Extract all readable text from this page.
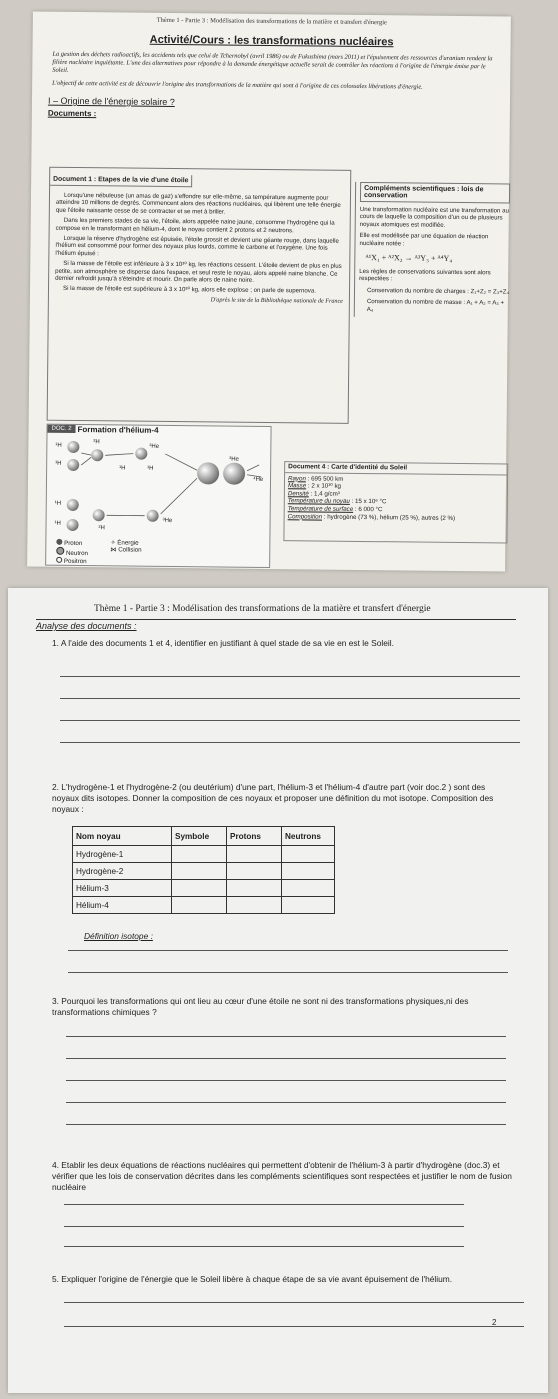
Thème 1 - Partie 3 : Modélisation des transformations de la matière et transfert d'énergie
Activité/Cours : les transformations nucléaires
La gestion des déchets radioactifs, les accidents tels que celui de Tchernobyl (avril 1986) ou de Fukushima (mars 2011) et l'épuisement des ressources d'uranium rendent la filière nucléaire inquiétante. L'une des alternatives pour répondre à la demande énergétique actuelle serait de contrôler les réactions à l'origine de l'énergie émise par le Soleil.
L'objectif de cette activité est de découvrir l'origine des transformations de la matière qui sont à l'origine de ces colossales libérations d'énergie.
I – Origine de l'énergie solaire ?
Documents :
Document 1 : Etapes de la vie d'une étoile

Lorsqu'une nébuleuse (un amas de gaz) s'effondre sur elle-même, sa température augmente pour atteindre 10 millions de degrés. Commencent alors des réactions nucléaires, qui libèrent une telle énergie que l'étoile naissante cesse de se contracter et se met à briller.

Dans les premiers stades de sa vie, l'étoile, alors appelée naine jaune, consomme l'hydrogène qui la compose en le transformant en hélium-4, dont le noyau contient 2 protons et 2 neutrons.

Lorsque la réserve d'hydrogène est épuisée, l'étoile grossit et devient une géante rouge, dans laquelle l'hélium est consommé pour former des noyaux plus lourds, comme le carbone et l'oxygène. Une fois l'hélium épuisé :

Si la masse de l'étoile est inférieure à 3 x 10³⁰ kg, les réactions cessent. L'étoile devient de plus en plus petite, son atmosphère se disperse dans l'espace, et seul reste le noyau, alors appelé naine blanche. Ce dernier refroidit jusqu'à s'éteindre et mourir. On parle alors de naine noire.

Si la masse de l'étoile est supérieure à 3 x 10³⁰ kg, alors elle explose ; on parle de supernova.

D'après le site de la Bibliothèque nationale de France
Compléments scientifiques : lois de conservation

Une transformation nucléaire est une transformation au cours de laquelle la composition d'un ou de plusieurs noyaux atomiques est modifiée.

Elle est modélisée par une équation de réaction nucléaire notée :

ᴬ¹X₁ + ᴬ²X₂ → ᴬ³Y₃ + ᴬ⁴Y₄

Les règles de conservations suivantes sont alors respectées :

Conservation du nombre de charges : Z₁+Z₂ = Z₃+Z₄

Conservation du nombre de masse : A₁ + A₂ = A₃ + A₄

DOC. 2 Formation d'hélium-4
¹H
¹H
²H
³He
¹H	¹H
³He
⁴He
¹H
¹H
²H
³He
Proton
Neutron
Positron
✧ Énergie
⋈ Collision
Document 4 : Carte d'identité du Soleil
Rayon : 695 500 km
Masse : 2 x 10³⁰ kg
Densité : 1,4 g/cm³
Température du noyau : 15 x 10⁶ °C
Température de surface : 6 000 °C
Composition : hydrogène (73 %), hélium (25 %), autres (2 %)
Thème 1 - Partie 3 : Modélisation des transformations de la matière et transfert d'énergie
Analyse des documents :
1. A l'aide des documents 1 et 4, identifier en justifiant à quel stade de sa vie en est le Soleil.
2. L'hydrogène-1 et l'hydrogène-2 (ou deutérium) d'une part, l'hélium-3 et l'hélium-4 d'autre part (voir doc.2 ) sont des noyaux dits isotopes. Donner la composition de ces noyaux et proposer une définition du mot isotope. Composition des noyaux :
Nom noyau	Symbole	Protons	Neutrons
Hydrogène-1			
Hydrogène-2			
Hélium-3			
Hélium-4			
Définition isotope :
3. Pourquoi les transformations qui ont lieu au cœur d'une étoile ne sont ni des transformations physiques,ni des transformations chimiques ?
4. Etablir les deux équations de réactions nucléaires qui permettent d'obtenir de l'hélium-3 à partir d'hydrogène (doc.3) et vérifier que les lois de conservation décrites dans les compléments scientifiques sont respectées et justifier le nom de fusion nucléaire
5. Expliquer l'origine de l'énergie que le Soleil libère à chaque étape de sa vie avant épuisement de l'hélium.
2
